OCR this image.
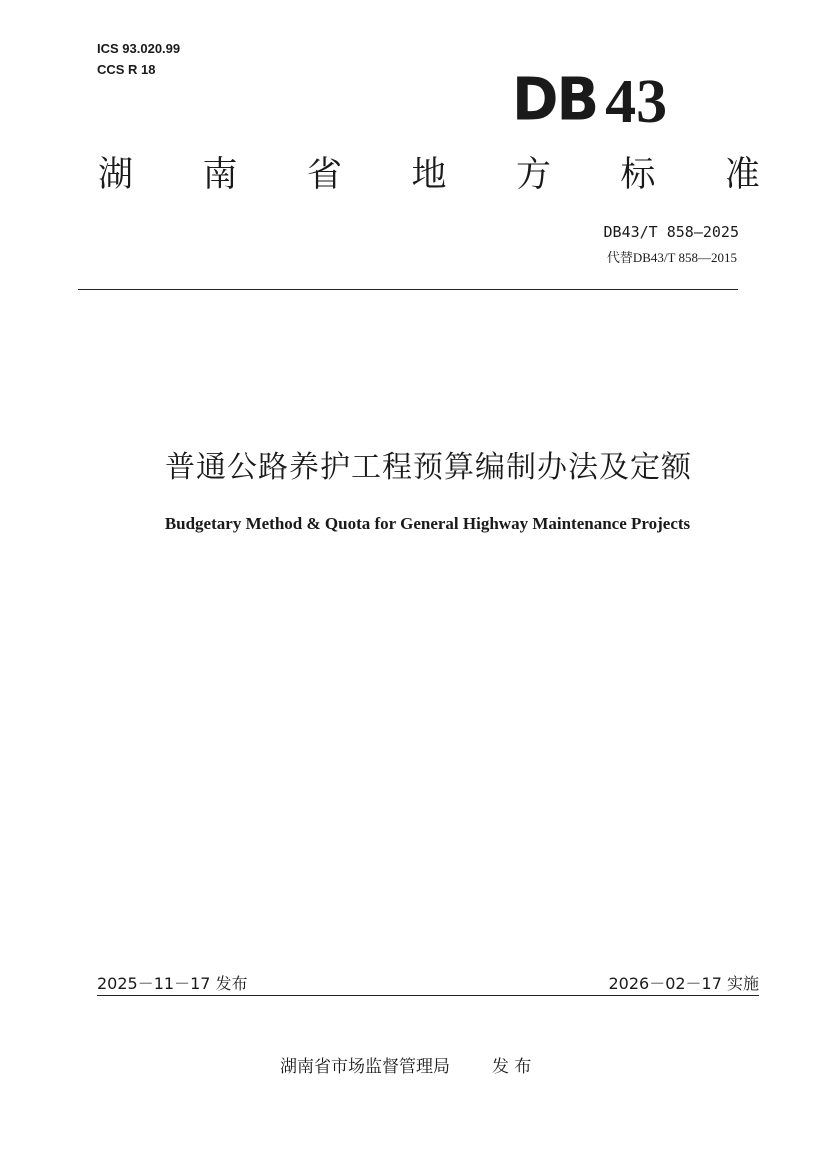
ICS 93.020.99
CCS R 18	DB 43
湖 南 省 地 方 标 准
DB43/T 858—2025
代替DB43/T 858—2015
普通公路养护工程预算编制办法及定额
Budgetary Method & Quota for General Highway Maintenance Projects
2025－11－17 发布	2026－02－17 实施
湖南省市场监督管理局 发 布
